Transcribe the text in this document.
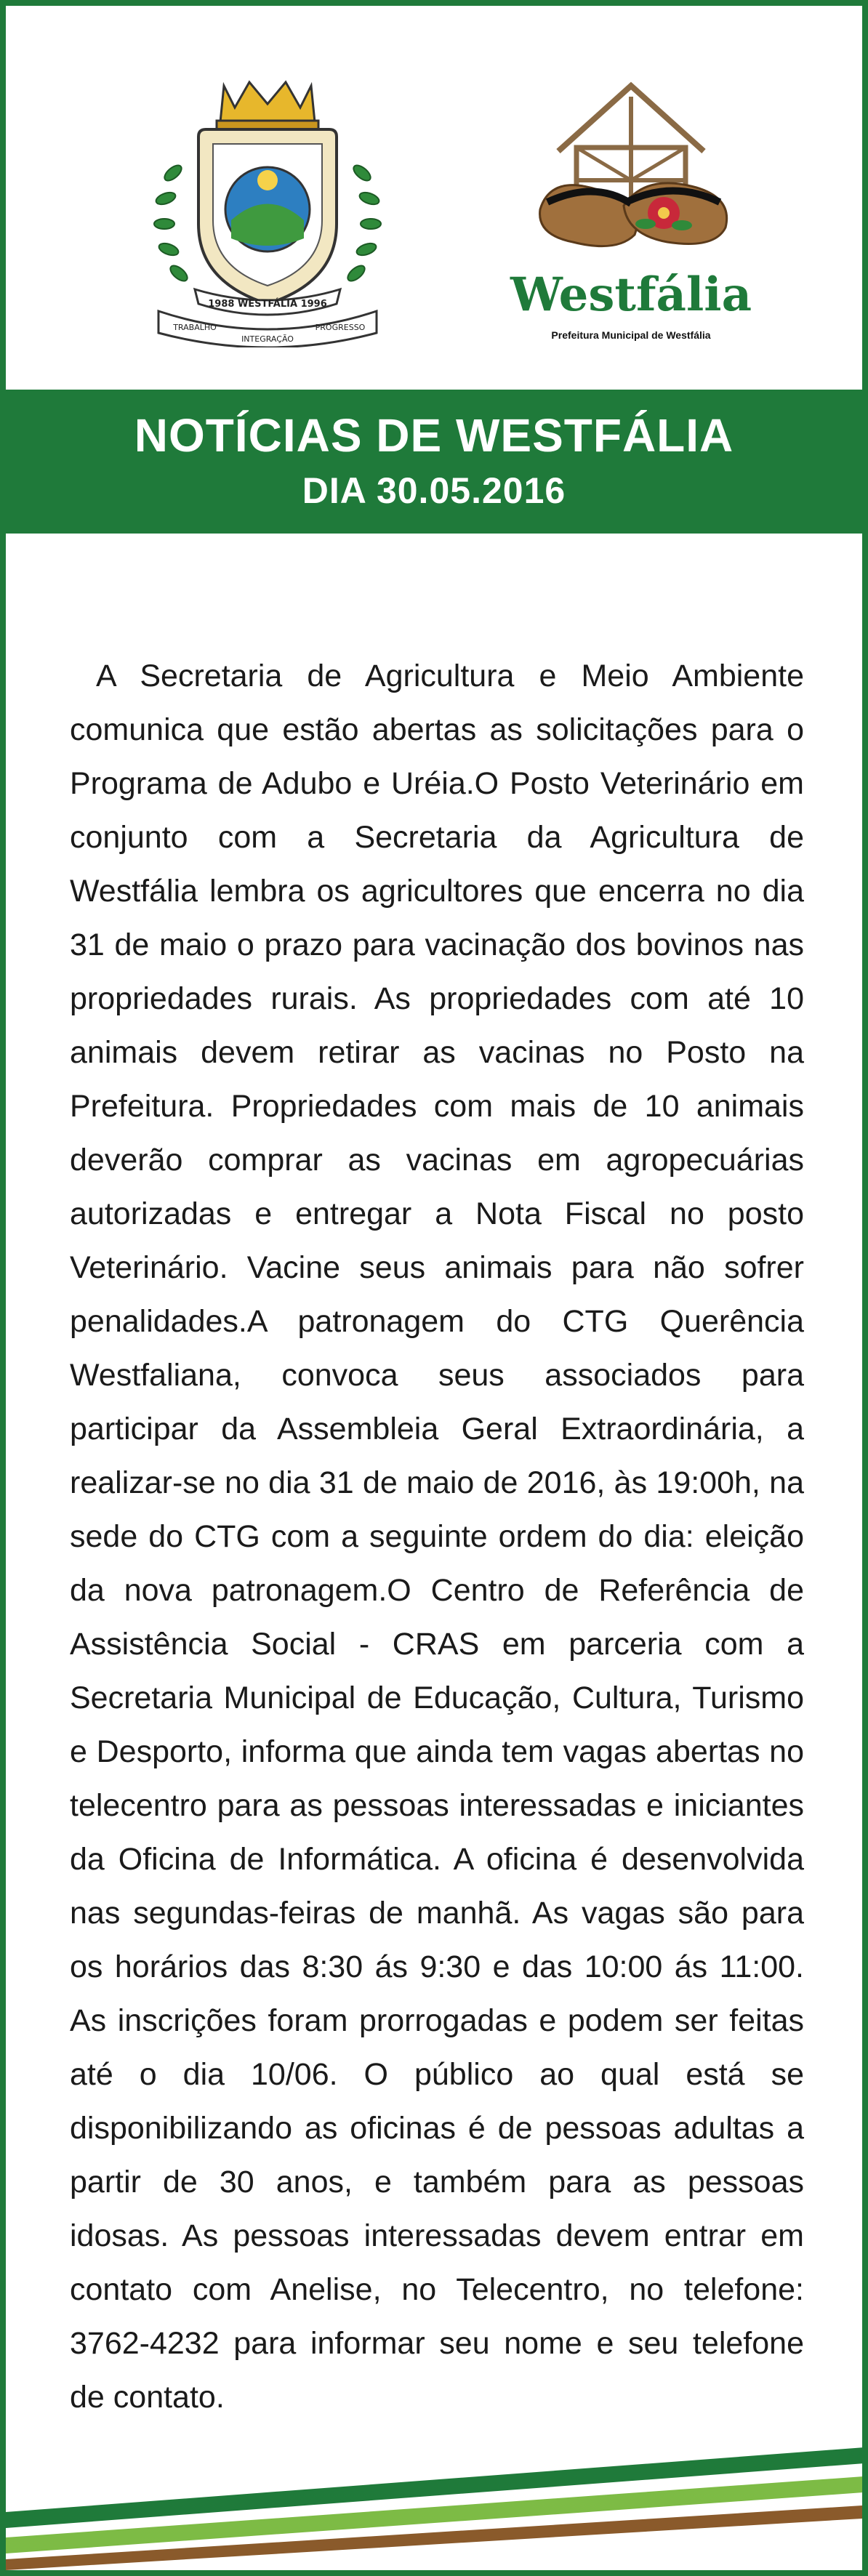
1988 WESTFÁLIA 1996
TRABALHO
INTEGRAÇÃO
PROGRESSO
Westfália
Prefeitura Municipal de Westfália
NOTÍCIAS DE WESTFÁLIA
DIA 30.05.2016

A Secretaria de Agricultura e Meio Ambiente comunica que estão abertas as solicitações para o Programa de Adubo e Uréia.O Posto Veterinário em conjunto com a Secretaria da Agricultura de Westfália lembra os agricultores que encerra no dia 31 de maio o prazo para vacinação dos bovinos nas propriedades rurais. As propriedades com até 10 animais devem retirar as vacinas no Posto na Prefeitura. Propriedades com mais de 10 animais deverão comprar as vacinas em agropecuárias autorizadas e entregar a Nota Fiscal no posto Veterinário. Vacine seus animais para não sofrer penalidades.A patronagem do CTG Querência Westfaliana, convoca seus associados para participar da Assembleia Geral Extraordinária, a realizar-se no dia 31 de maio de 2016, às 19:00h, na sede do CTG com a seguinte ordem do dia: eleição da nova patronagem.O Centro de Referência de Assistência Social - CRAS em parceria com a Secretaria Municipal de Educação, Cultura, Turismo e Desporto, informa que ainda tem vagas abertas no telecentro para as pessoas interessadas e iniciantes da Oficina de Informática. A oficina é desenvolvida nas segundas-feiras de manhã. As vagas são para os horários das 8:30 ás 9:30 e das 10:00 ás 11:00. As inscrições foram prorrogadas e podem ser feitas até o dia 10/06. O público ao qual está se disponibilizando as oficinas é de pessoas adultas a partir de 30 anos, e também para as pessoas idosas. As pessoas interessadas devem entrar em contato com Anelise, no Telecentro, no telefone: 3762-4232 para informar seu nome e seu telefone de contato.
